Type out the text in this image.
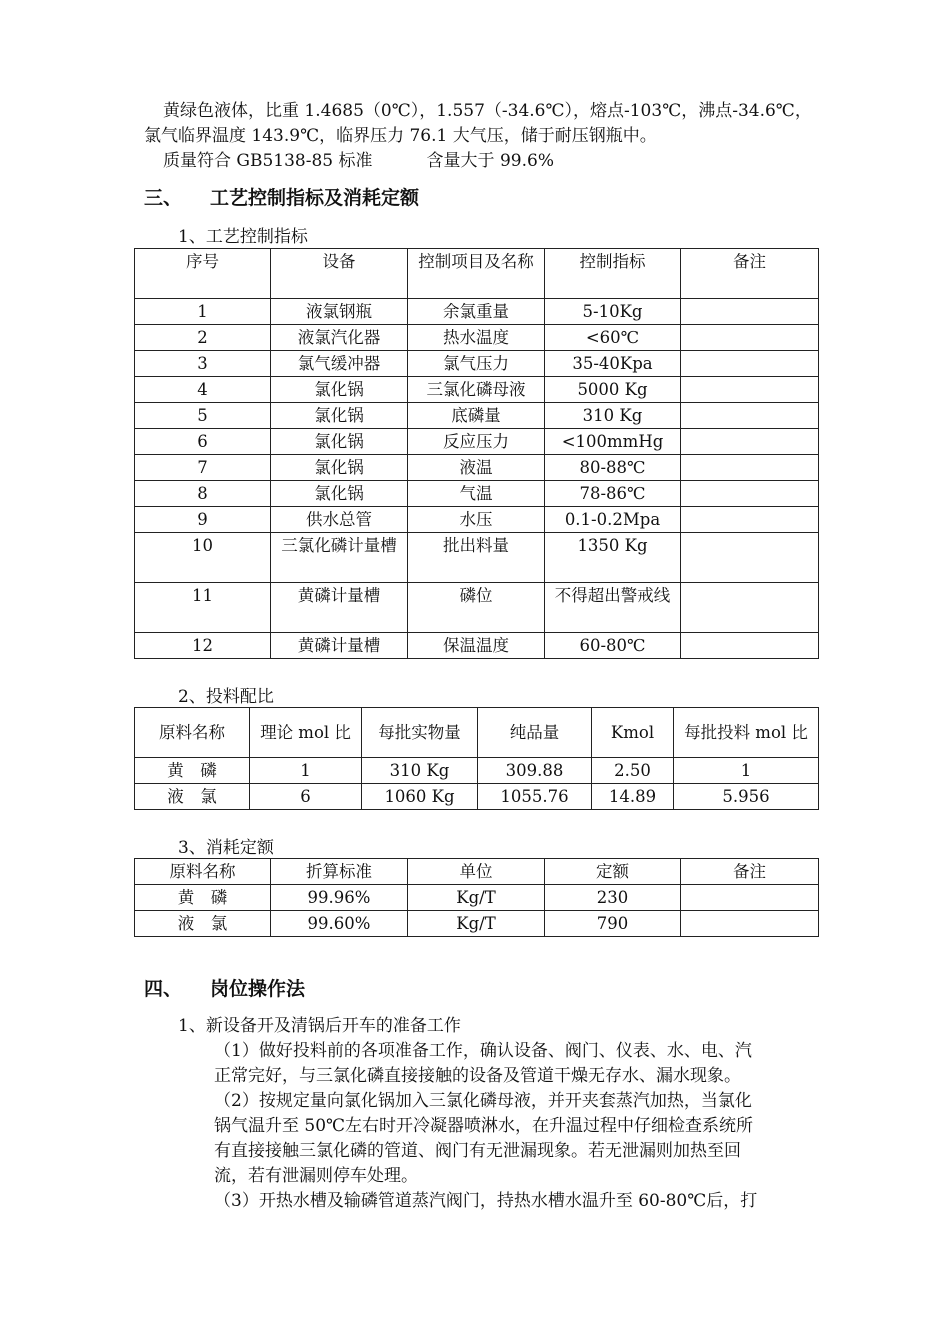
黄绿色液体，比重 1.4685（0℃），1.557（-34.6℃），熔点-103℃，沸点-34.6℃，
氯气临界温度 143.9℃，临界压力 76.1 大气压，储于耐压钢瓶中。
质量符合 GB5138-85 标准          含量大于 99.6%
三、 工艺控制指标及消耗定额
1、工艺控制指标
序号	设备	控制项目及名称	控制指标	备注
1	液氯钢瓶	余氯重量	5-10Kg	
2	液氯汽化器	热水温度	<60℃	
3	氯气缓冲器	氯气压力	35-40Kpa	
4	氯化锅	三氯化磷母液	5000 Kg	
5	氯化锅	底磷量	310 Kg	
6	氯化锅	反应压力	<100mmHg	
7	氯化锅	液温	80-88℃	
8	氯化锅	气温	78-86℃	
9	供水总管	水压	0.1-0.2Mpa	
10	三氯化磷计量槽	批出料量	1350 Kg	
11	黄磷计量槽	磷位	不得超出警戒线	
12	黄磷计量槽	保温温度	60-80℃	
2、投料配比
原料名称	理论 mol 比	每批实物量	纯品量	Kmol	每批投料 mol 比
黄　磷	1	310 Kg	309.88	2.50	1
液　氯	6	1060 Kg	1055.76	14.89	5.956
3、消耗定额
原料名称	折算标准	单位	定额	备注
黄　磷	99.96%	Kg/T	230	
液　氯	99.60%	Kg/T	790	
四、 岗位操作法
1、新设备开及清锅后开车的准备工作
（1）做好投料前的各项准备工作，确认设备、阀门、仪表、水、电、汽
正常完好，与三氯化磷直接接触的设备及管道干燥无存水、漏水现象。
（2）按规定量向氯化锅加入三氯化磷母液，并开夹套蒸汽加热，当氯化
锅气温升至 50℃左右时开冷凝器喷淋水，在升温过程中仔细检查系统所
有直接接触三氯化磷的管道、阀门有无泄漏现象。若无泄漏则加热至回
流，若有泄漏则停车处理。
（3）开热水槽及输磷管道蒸汽阀门，持热水槽水温升至 60-80℃后，打
